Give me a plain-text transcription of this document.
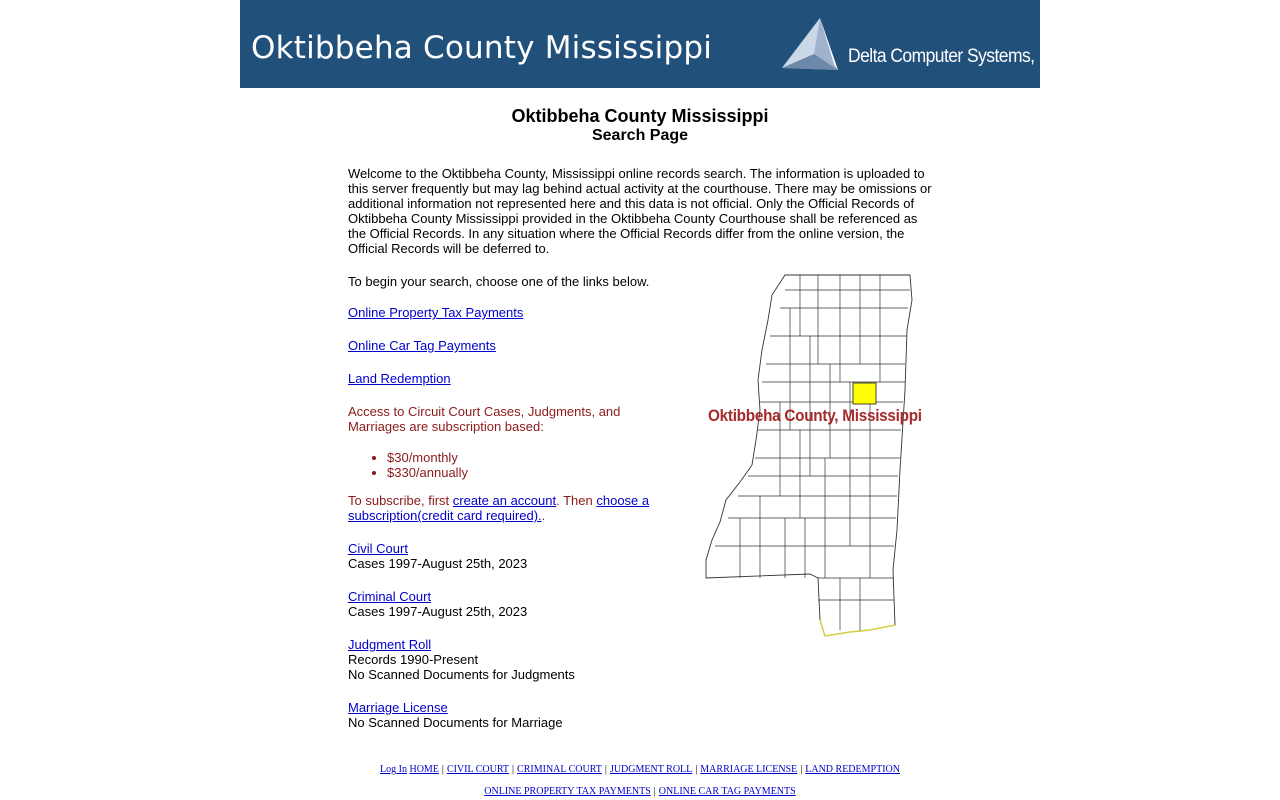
Oktibbeha County Mississippi	Delta Computer Systems, Inc.
Oktibbeha County Mississippi
Search Page
Welcome to the Oktibbeha County, Mississippi online records search. The information is uploaded to this server frequently but may lag behind actual activity at the courthouse. There may be omissions or additional information not represented here and this data is not official. Only the Official Records of Oktibbeha County Mississippi provided in the Oktibbeha County Courthouse shall be referenced as the Official Records. In any situation where the Official Records differ from the online version, the Official Records will be deferred to.
To begin your search, choose one of the links below.
Online Property Tax Payments
Online Car Tag Payments
Land Redemption
Access to Circuit Court Cases, Judgments, and Marriages are subscription based:
• $30/monthly
• $330/annually
To subscribe, first create an account. Then choose a subscription(credit card required)..
Civil Court
Cases 1997-August 25th, 2023
Criminal Court
Cases 1997-August 25th, 2023
Judgment Roll
Records 1990-Present
No Scanned Documents for Judgments
Marriage License
No Scanned Documents for Marriage
Oktibbeha County, Mississippi
Log In HOME | CIVIL COURT | CRIMINAL COURT | JUDGMENT ROLL | MARRIAGE LICENSE | LAND REDEMPTION
ONLINE PROPERTY TAX PAYMENTS | ONLINE CAR TAG PAYMENTS
